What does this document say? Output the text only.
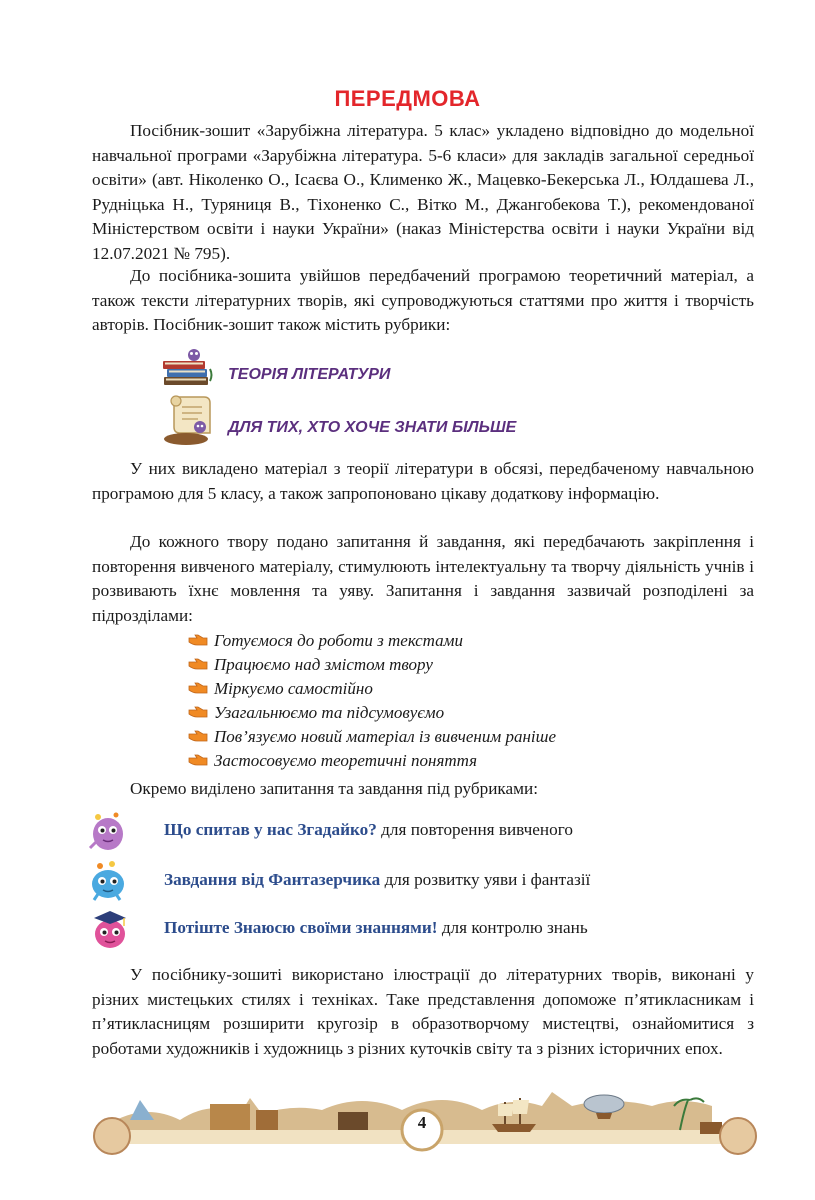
ПЕРЕДМОВА

Посібник-зошит «Зарубіжна література. 5 клас» укладено відповідно до модельної навчальної програми «Зарубіжна література. 5-6 класи» для закладів загальної середньої освіти» (авт. Ніколенко О., Ісаєва О., Клименко Ж., Мацевко-Бекерська Л., Юлдашева Л., Рудніцька Н., Туряниця В., Тіхоненко С., Вітко М., Джангобекова Т.), рекомендованої Міністерством освіти і науки України» (наказ Міністерства освіти і науки України від 12.07.2021 № 795).

До посібника-зошита увійшов передбачений програмою теоретичний матеріал, а також тексти літературних творів, які супроводжуються статтями про життя і творчість авторів. Посібник-зошит також містить рубрики:

ТЕОРІЯ ЛІТЕРАТУРИ
ДЛЯ ТИХ, ХТО ХОЧЕ ЗНАТИ БІЛЬШЕ

У них викладено матеріал з теорії літератури в обсязі, передбаченому навчальною програмою для 5 класу, а також запропоновано цікаву додаткову інформацію.

До кожного твору подано запитання й завдання, які передбачають закріплення і повторення вивченого матеріалу, стимулюють інтелектуальну та творчу діяльність учнів і розвивають їхнє мовлення та уяву. Запитання і завдання зазвичай розподілені за підрозділами:

Готуємося до роботи з текстами
Працюємо над змістом твору
Міркуємо самостійно
Узагальнюємо та підсумовуємо
Пов’язуємо новий матеріал із вивченим раніше
Застосовуємо теоретичні поняття

Окремо виділено запитання та завдання під рубриками:

Що спитав у нас Згадайко? для повторення вивченого
Завдання від Фантазерчика для розвитку уяви і фантазії
Потіште Знаюсю своїми знаннями! для контролю знань

У посібнику-зошиті використано ілюстрації до літературних творів, виконані у різних мистецьких стилях і техніках. Таке представлення допоможе п’ятикласникам і п’ятикласницям розширити кругозір в образотворчому мистецтві, ознайомитися з роботами художників і художниць з різних куточків світу та з різних історичних епох.

4
